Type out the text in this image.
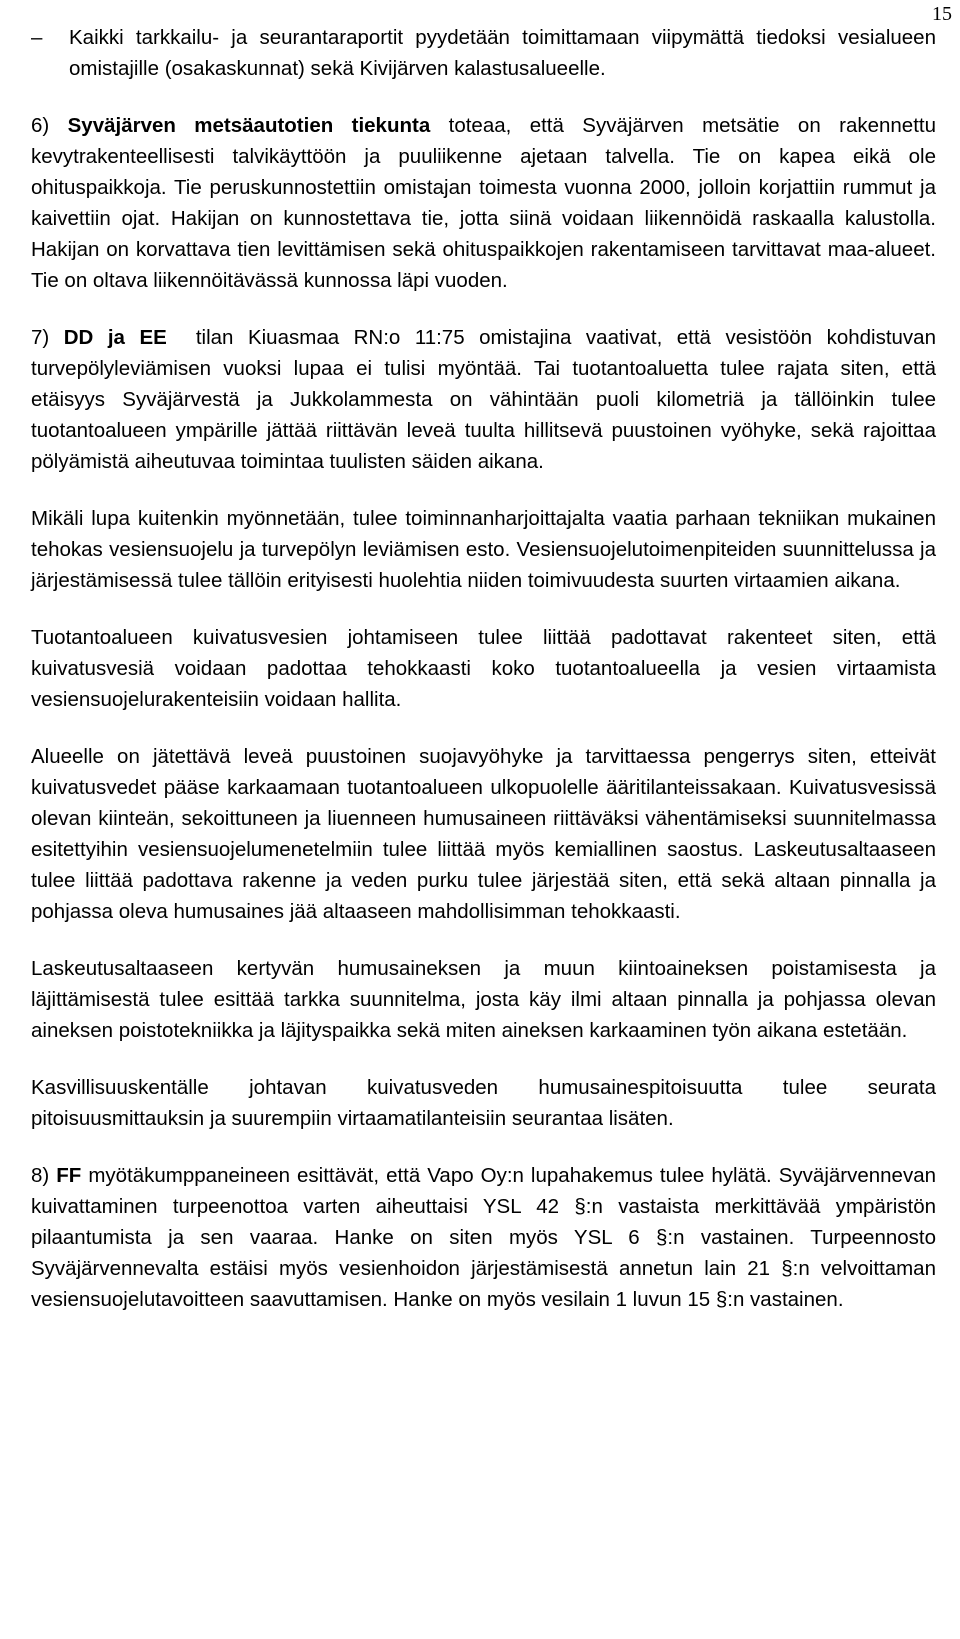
15
– Kaikki tarkkailu- ja seurantaraportit pyydetään toimittamaan viipymättä tiedoksi vesialueen omistajille (osakaskunnat) sekä Kivijärven kalastusalueelle.

6) Syväjärven metsäautotien tiekunta toteaa, että Syväjärven metsätie on rakennettu kevytrakenteellisesti talvikäyttöön ja puuliikenne ajetaan talvella. Tie on kapea eikä ole ohituspaikkoja. Tie peruskunnostettiin omistajan toimesta vuonna 2000, jolloin korjattiin rummut ja kaivettiin ojat. Hakijan on kunnostettava tie, jotta siinä voidaan liikennöidä raskaalla kalustolla. Hakijan on korvattava tien levittämisen sekä ohituspaikkojen rakentamiseen tarvittavat maa-alueet. Tie on oltava liikennöitävässä kunnossa läpi vuoden.

7) DD ja EE tilan Kiuasmaa RN:o 11:75 omistajina vaativat, että vesistöön kohdistuvan turvepölyleviämisen vuoksi lupaa ei tulisi myöntää. Tai tuotantoaluetta tulee rajata siten, että etäisyys Syväjärvestä ja Jukkolammesta on vähintään puoli kilometriä ja tällöinkin tulee tuotantoalueen ympärille jättää riittävän leveä tuulta hillitsevä puustoinen vyöhyke, sekä rajoittaa pölyämistä aiheutuvaa toimintaa tuulisten säiden aikana.

Mikäli lupa kuitenkin myönnetään, tulee toiminnanharjoittajalta vaatia parhaan tekniikan mukainen tehokas vesiensuojelu ja turvepölyn leviämisen esto. Vesiensuojelutoimenpiteiden suunnittelussa ja järjestämisessä tulee tällöin erityisesti huolehtia niiden toimivuudesta suurten virtaamien aikana.

Tuotantoalueen kuivatusvesien johtamiseen tulee liittää padottavat rakenteet siten, että kuivatusvesiä voidaan padottaa tehokkaasti koko tuotantoalueella ja vesien virtaamista vesiensuojelurakenteisiin voidaan hallita.

Alueelle on jätettävä leveä puustoinen suojavyöhyke ja tarvittaessa pengerrys siten, etteivät kuivatusvedet pääse karkaamaan tuotantoalueen ulkopuolelle ääritilanteissakaan. Kuivatusvesissä olevan kiinteän, sekoittuneen ja liuenneen humusaineen riittäväksi vähentämiseksi suunnitelmassa esitettyihin vesiensuojelumenetelmiin tulee liittää myös kemiallinen saostus. Laskeutusaltaaseen tulee liittää padottava rakenne ja veden purku tulee järjestää siten, että sekä altaan pinnalla ja pohjassa oleva humusaines jää altaaseen mahdollisimman tehokkaasti.

Laskeutusaltaaseen kertyvän humusaineksen ja muun kiintoaineksen poistamisesta ja läjittämisestä tulee esittää tarkka suunnitelma, josta käy ilmi altaan pinnalla ja pohjassa olevan aineksen poistotekniikka ja läjityspaikka sekä miten aineksen karkaaminen työn aikana estetään.

Kasvillisuuskentälle johtavan kuivatusveden humusainespitoisuutta tulee seurata pitoisuusmittauksin ja suurempiin virtaamatilanteisiin seurantaa lisäten.

8) FF myötäkumppaneineen esittävät, että Vapo Oy:n lupahakemus tulee hylätä. Syväjärvennevan kuivattaminen turpeenottoa varten aiheuttaisi YSL 42 §:n vastaista merkittävää ympäristön pilaantumista ja sen vaaraa. Hanke on siten myös YSL 6 §:n vastainen. Turpeennosto Syväjärvennevalta estäisi myös vesienhoidon järjestämisestä annetun lain 21 §:n velvoittaman vesiensuojelutavoitteen saavuttamisen. Hanke on myös vesilain 1 luvun 15 §:n vastainen.
